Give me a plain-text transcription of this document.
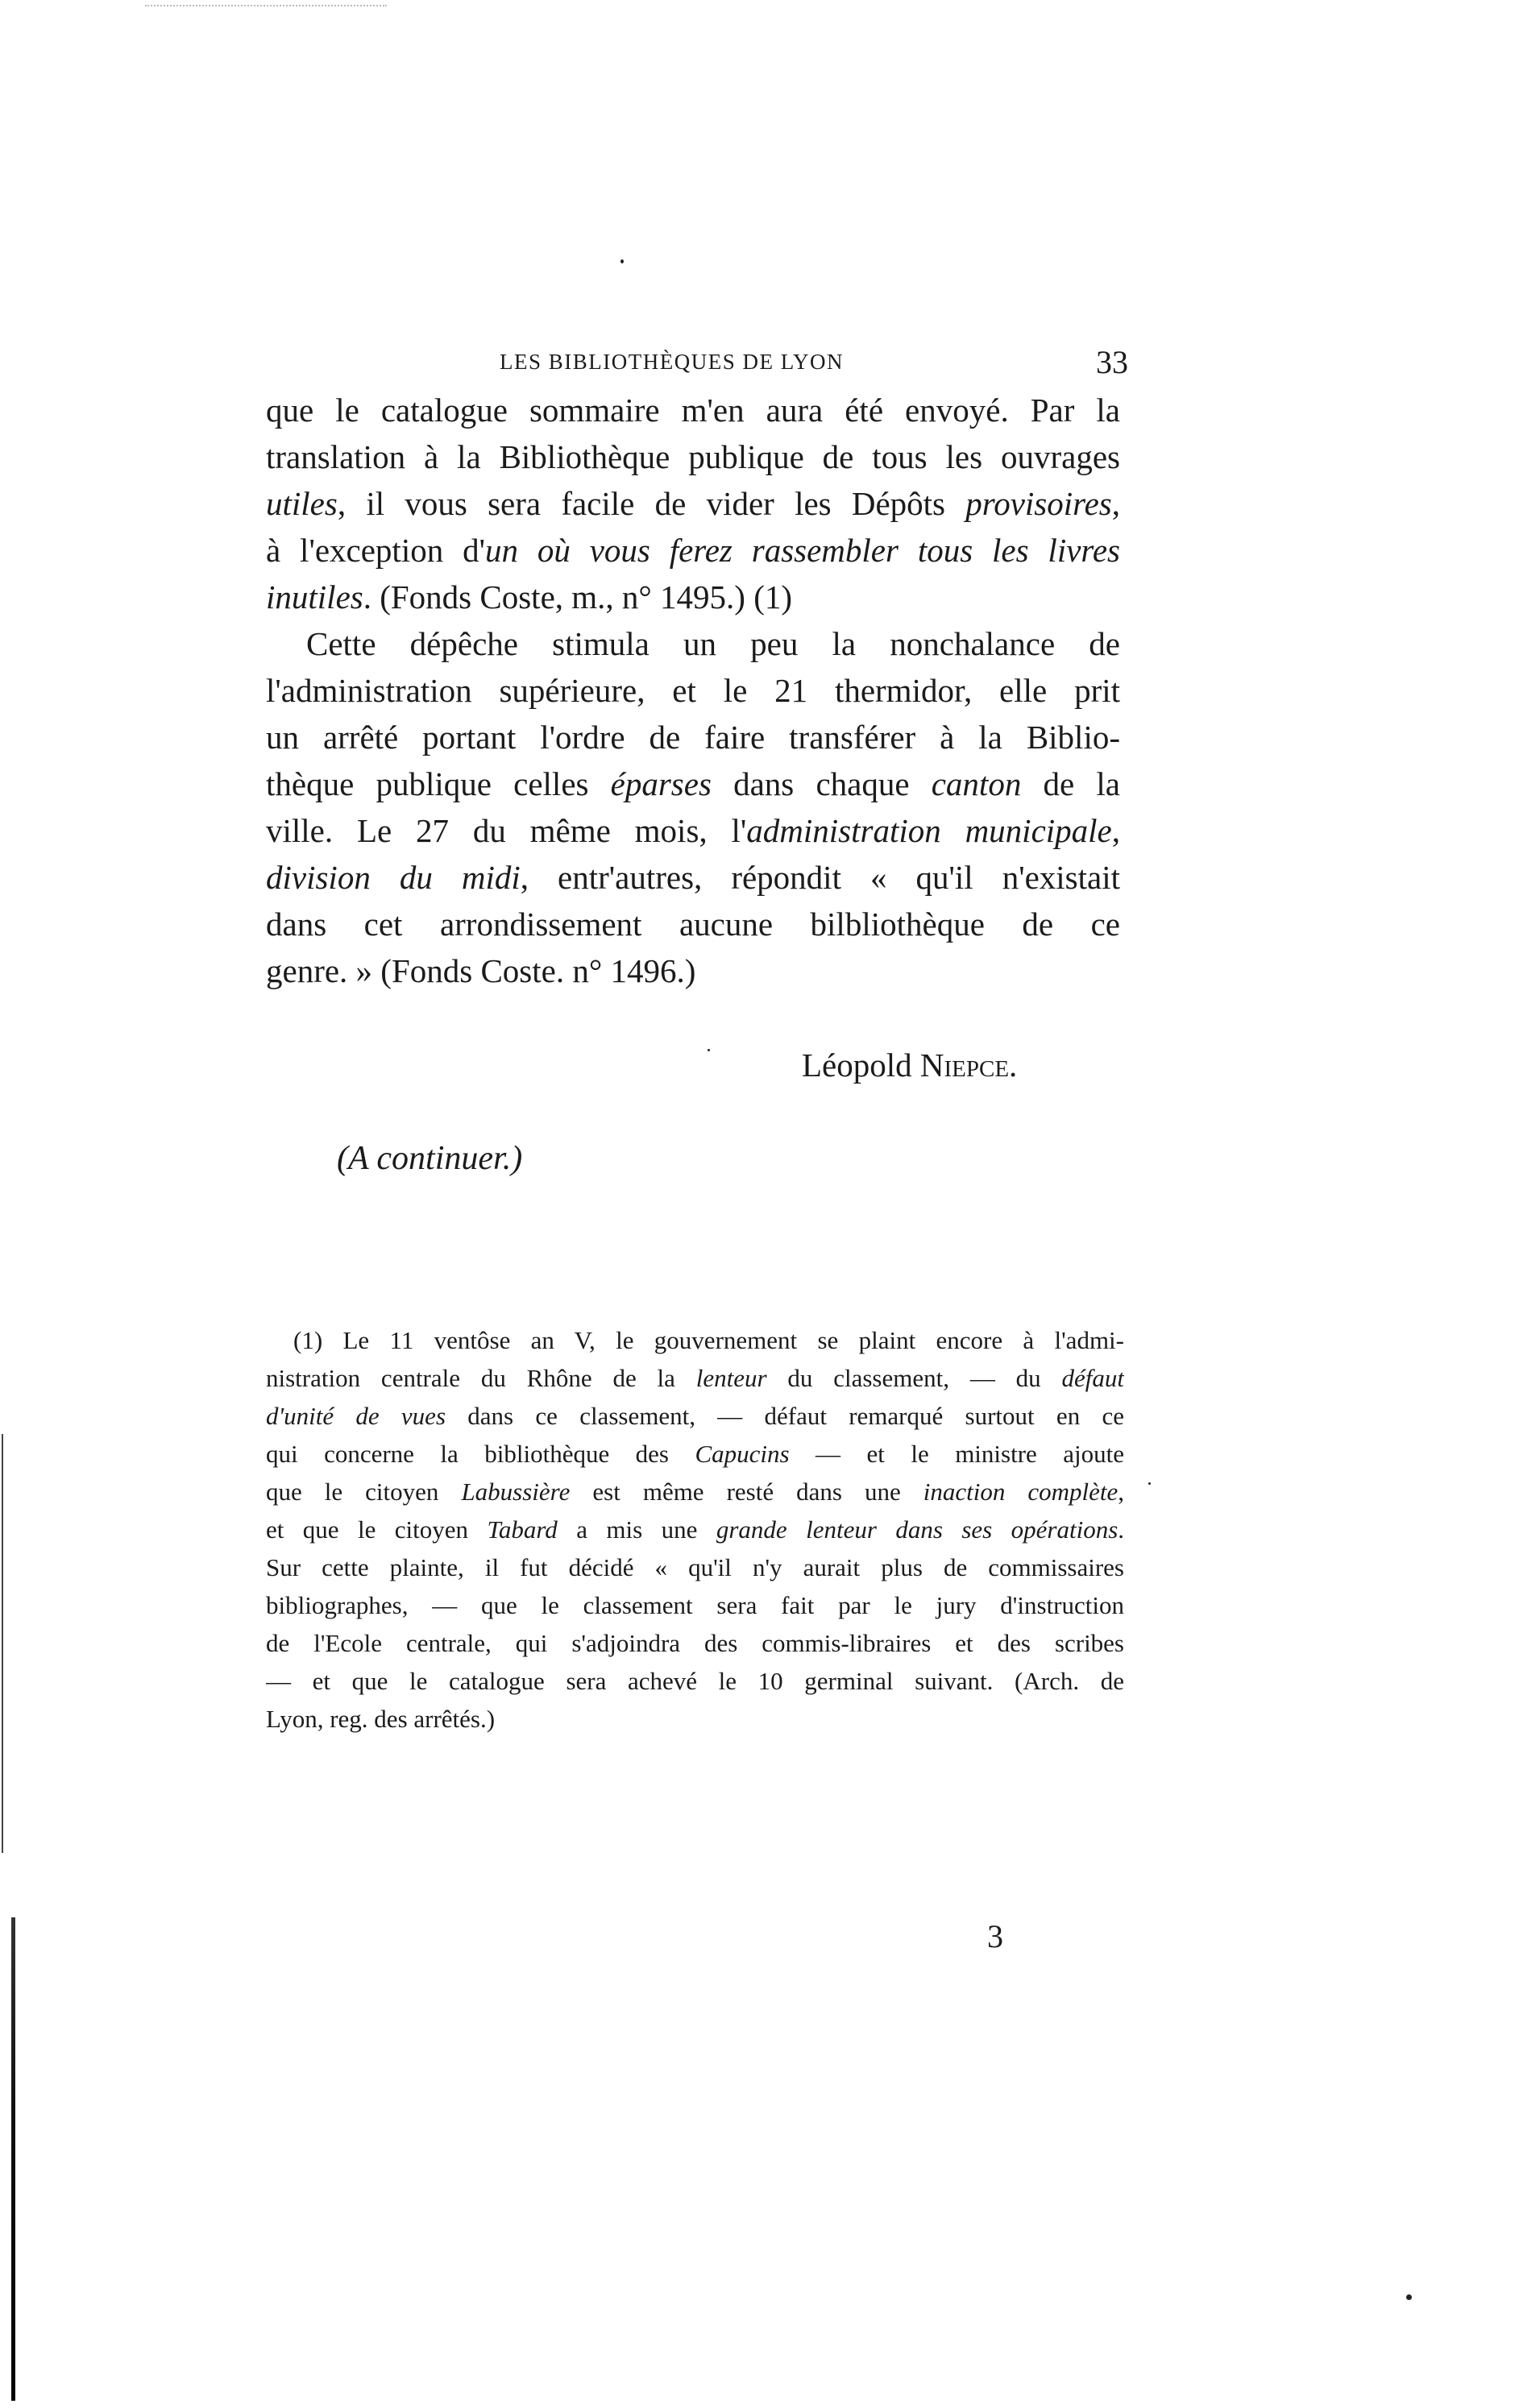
LES BIBLIOTHÈQUES DE LYON	33
que le catalogue sommaire m'en aura été envoyé. Par la
translation à la Bibliothèque publique de tous les ouvrages
utiles, il vous sera facile de vider les Dépôts provisoires,
à l'exception d'un où vous ferez rassembler tous les livres
inutiles. (Fonds Coste, m., n° 1495.) (1)
Cette dépêche stimula un peu la nonchalance de
l'administration supérieure, et le 21 thermidor, elle prit
un arrêté portant l'ordre de faire transférer à la Biblio-
thèque publique celles éparses dans chaque canton de la
ville. Le 27 du même mois, l'administration municipale,
division du midi, entr'autres, répondit « qu'il n'existait
dans cet arrondissement aucune bilbliothèque de ce
genre. » (Fonds Coste. n° 1496.)
Léopold Niepce.
(A continuer.)
(1) Le 11 ventôse an V, le gouvernement se plaint encore à l'admi-
nistration centrale du Rhône de la lenteur du classement, — du défaut
d'unité de vues dans ce classement, — défaut remarqué surtout en ce
qui concerne la bibliothèque des Capucins — et le ministre ajoute
que le citoyen Labussière est même resté dans une inaction complète,
et que le citoyen Tabard a mis une grande lenteur dans ses opérations.
Sur cette plainte, il fut décidé « qu'il n'y aurait plus de commissaires
bibliographes, — que le classement sera fait par le jury d'instruction
de l'Ecole centrale, qui s'adjoindra des commis-libraires et des scribes
— et que le catalogue sera achevé le 10 germinal suivant. (Arch. de
Lyon, reg. des arrêtés.)
3
